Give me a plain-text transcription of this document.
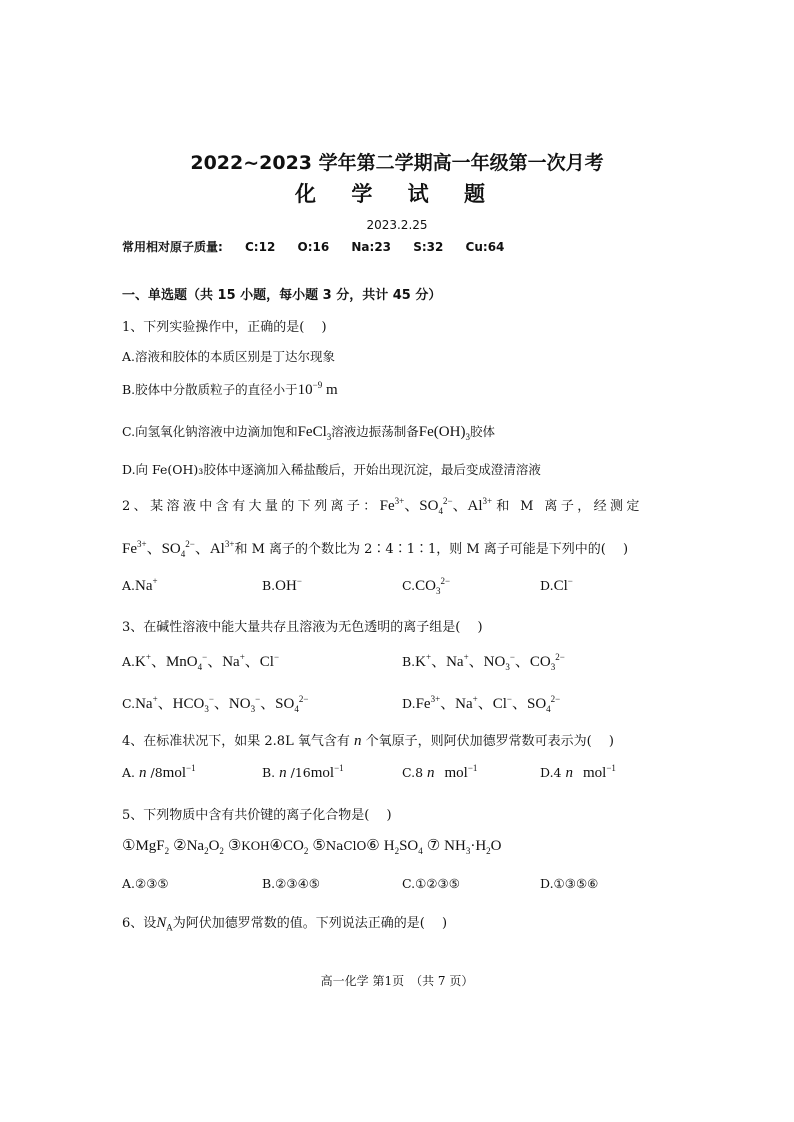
2022~2023 学年第二学期高一年级第一次月考
化 学 试 题
2023.2.25
常用相对原子质量: C:12 O:16 Na:23 S:32 Cu:64
一、单选题（共 15 小题，每小题 3 分，共计 45 分）
1、下列实验操作中，正确的是(　 )
A.溶液和胶体的本质区别是丁达尔现象
B.胶体中分散质粒子的直径小于$10^{-9}$ m
C.向氢氧化钠溶液中边滴加饱和FeCl$_3$溶液边振荡制备$Fe(OH)_3$胶体
D.向 Fe(OH)₃胶体中逐滴加入稀盐酸后，开始出现沉淀，最后变成澄清溶液
2、某溶液中含有大量的下列离子：$Fe^{3+}$、$SO_4^{2-}$、$Al^{3+}$ 和 M 离子，经测定
$Fe^{3+}$、$SO_4^{2-}$、$Al^{3+}$和 M 离子的个数比为 2∶4∶1∶1，则 M 离子可能是下列中的(　 )
A.Na+	B.OH−	$C.CO_3^{2-}$	D.Cl−
3、在碱性溶液中能大量共存且溶液为无色透明的离子组是(　 )
A.K+、MnO$_4$−、Na+、Cl−	B.K+、Na+、$NO_3^-$、$CO_3^{2-}$
C.Na+、$HCO_3^-$、$NO_3^-$、$SO_4^{2-}$	$D.Fe^{3+}$、Na+、Cl−、$SO_4^{2-}$
4、在标准状况下，如果 2.8L 氧气含有 n 个氧原子，则阿伏加德罗常数可表示为(　 )
A. n /8mol$^{-1}$	B. n /16mol$^{-1}$	C.8 n mol$^{-1}$	D.4 n mol$^{-1}$
5、下列物质中含有共价键的离子化合物是(　 )
①MgF$_2$ $②Na_2O_2$ $③KOH④CO_2$ ⑤NaClO⑥ $H_2SO_4$ ⑦ $NH_3\cdot H_2O$
A.②③⑤	B.②③④⑤	C.①②③⑤	D.①③⑤⑥
6、设$N_A$为阿伏加德罗常数的值。下列说法正确的是(　 )
高一化学 第1页　（共 7 页）
